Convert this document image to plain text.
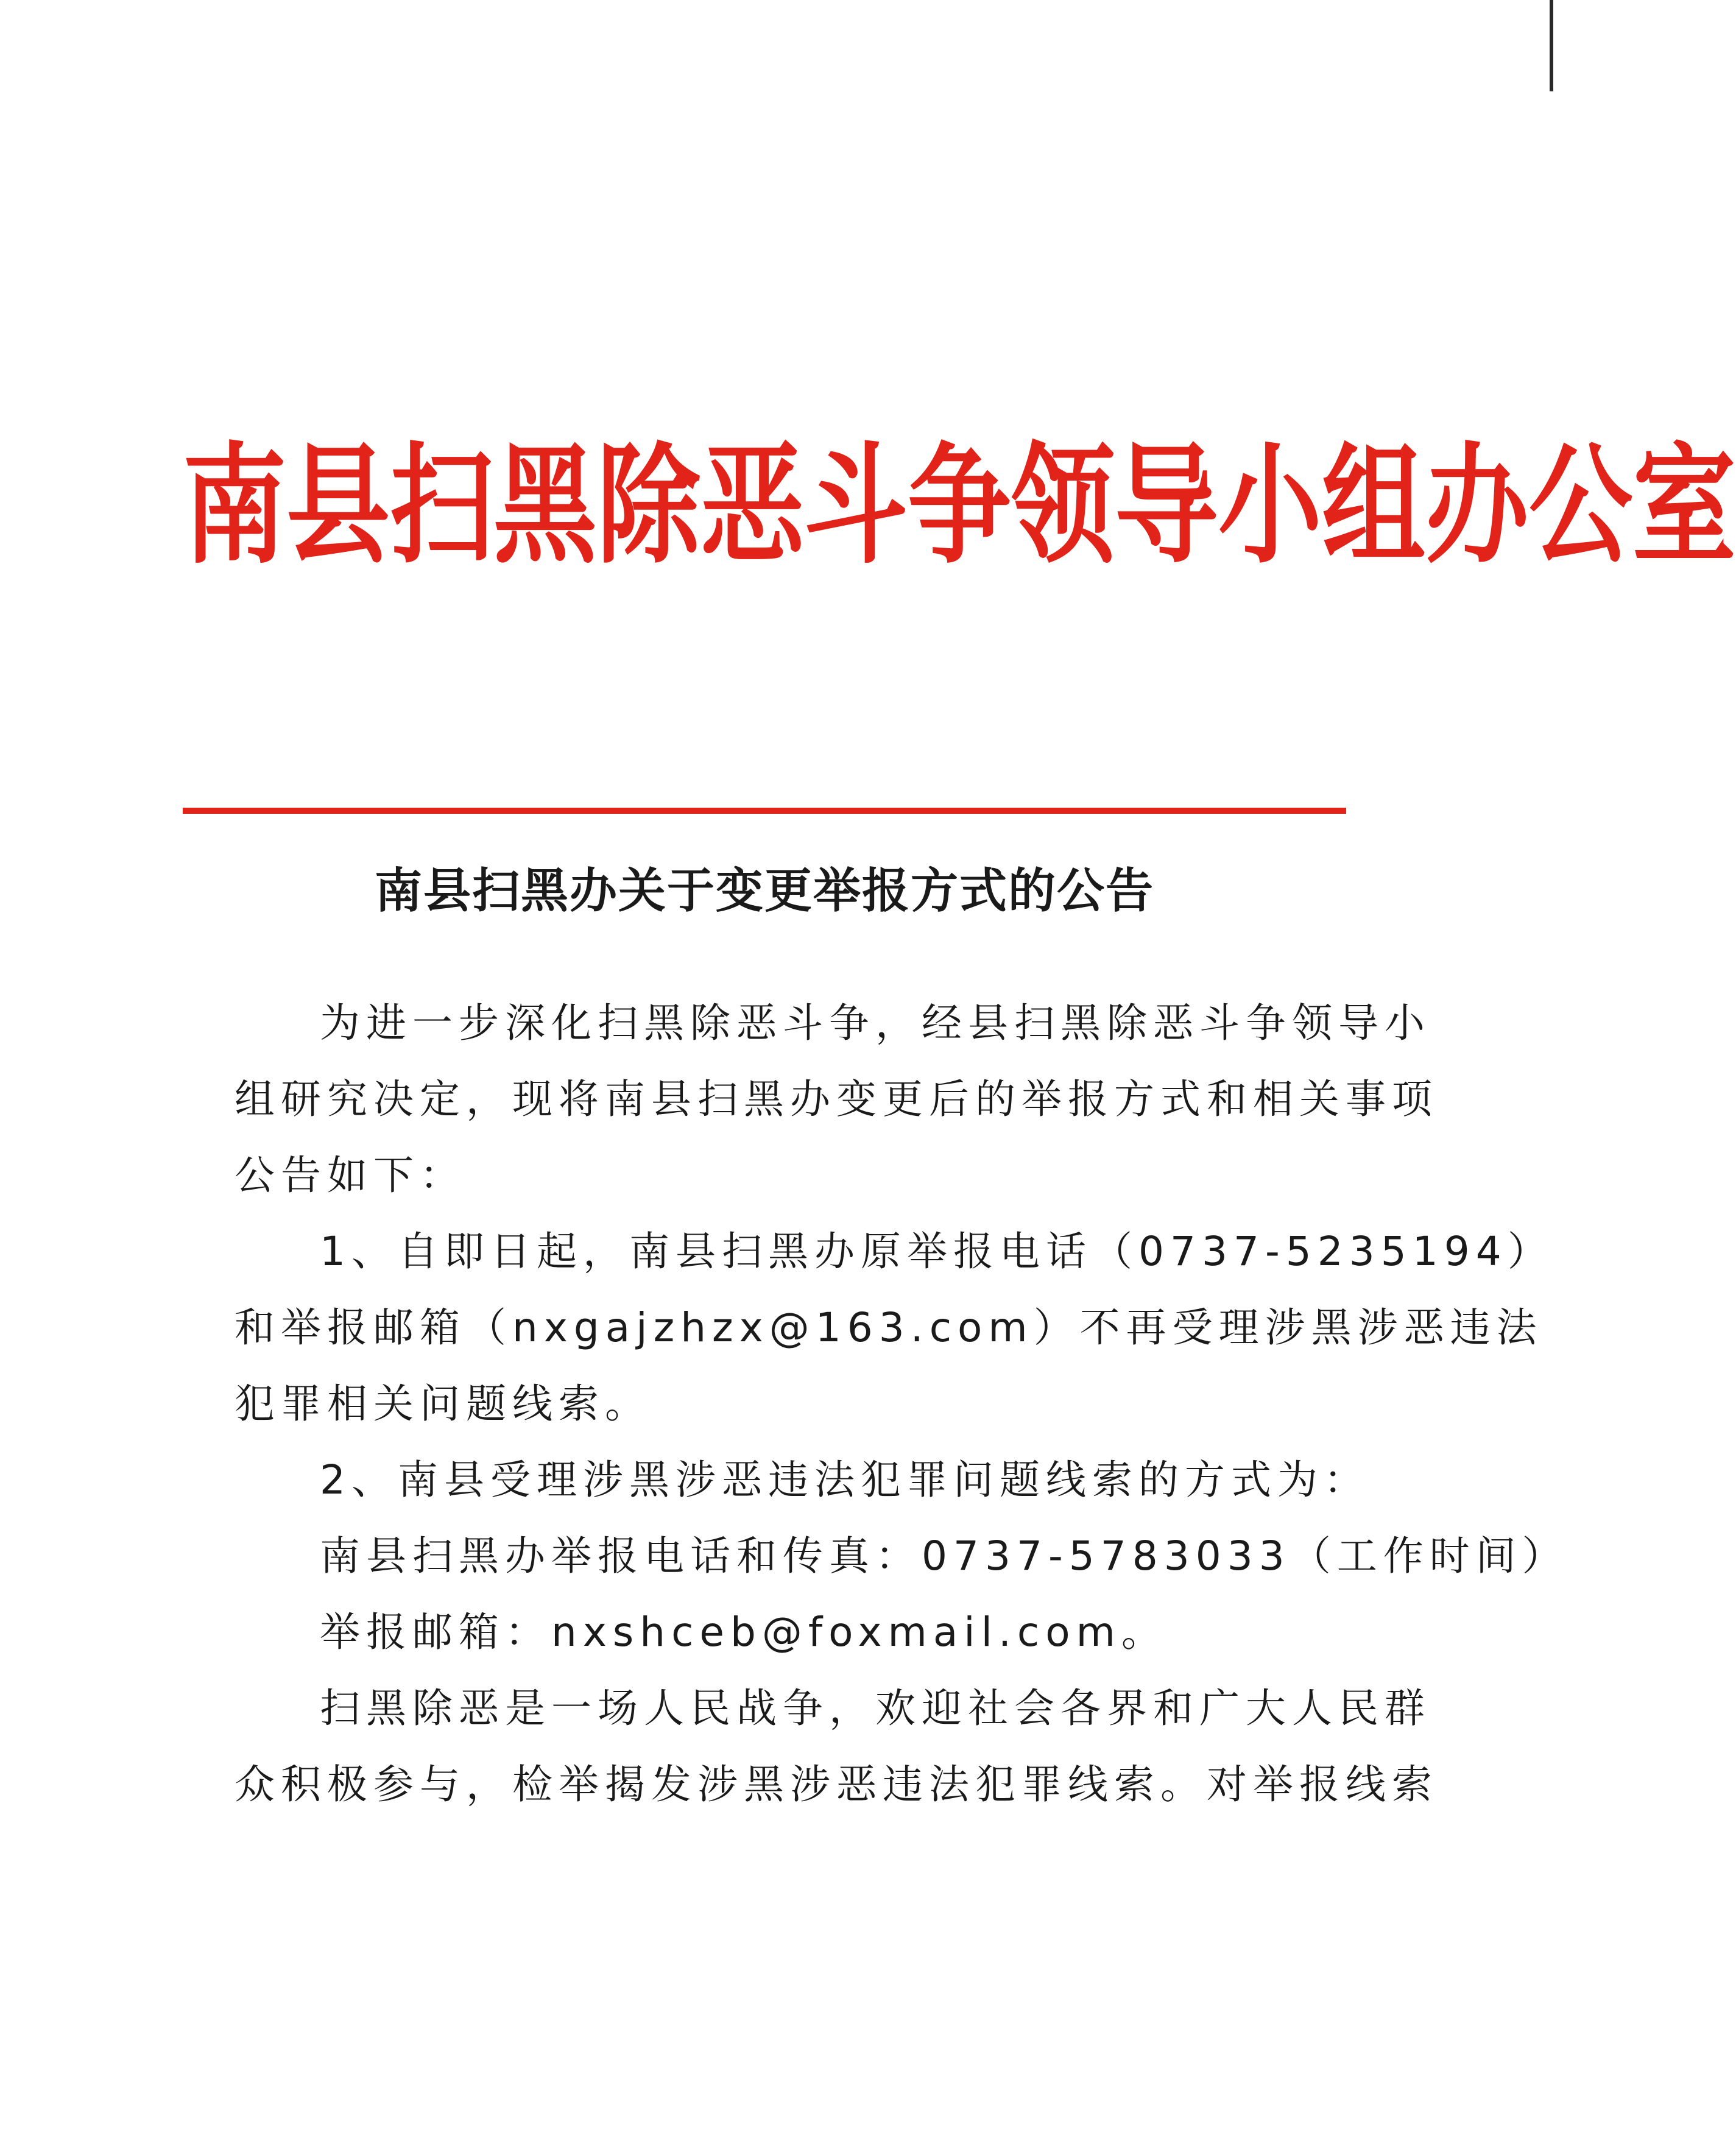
南县扫黑除恶斗争领导小组办公室
南县扫黑办关于变更举报方式的公告
为进一步深化扫黑除恶斗争，经县扫黑除恶斗争领导小
组研究决定，现将南县扫黑办变更后的举报方式和相关事项
公告如下：
1、自即日起，南县扫黑办原举报电话（0737-5235194）
和举报邮箱（nxgajzhzx@163.com）不再受理涉黑涉恶违法
犯罪相关问题线索。
2、南县受理涉黑涉恶违法犯罪问题线索的方式为：
南县扫黑办举报电话和传真：0737-5783033（工作时间）
举报邮箱：nxshceb@foxmail.com。
扫黑除恶是一场人民战争，欢迎社会各界和广大人民群
众积极参与，检举揭发涉黑涉恶违法犯罪线索。对举报线索
